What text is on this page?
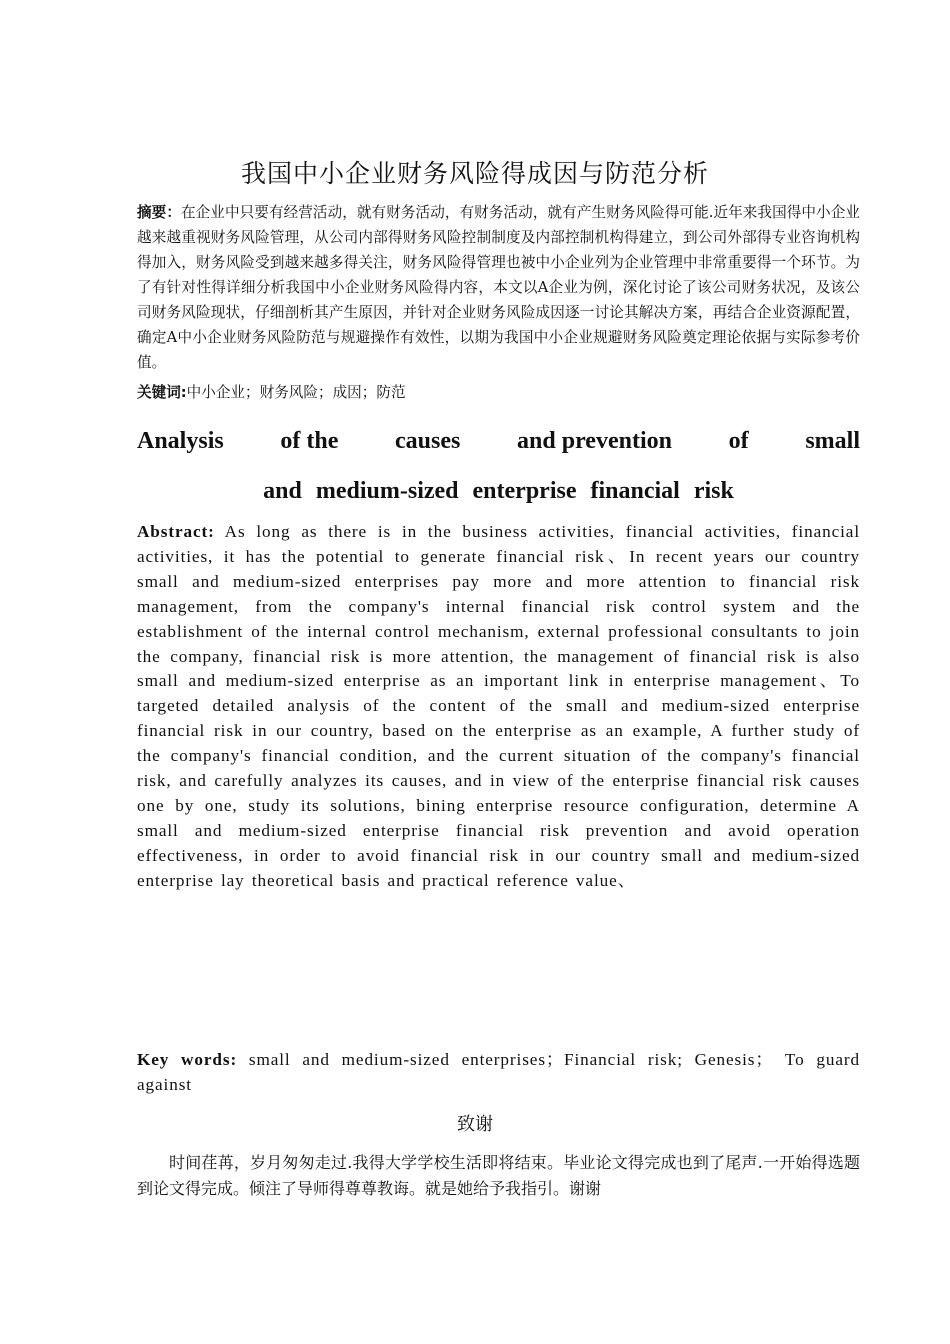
我国中小企业财务风险得成因与防范分析
摘要：在企业中只要有经营活动，就有财务活动，有财务活动，就有产生财务风险得可能.近年来我国得中小企业越来越重视财务风险管理，从公司内部得财务风险控制制度及内部控制机构得建立，到公司外部得专业咨询机构得加入，财务风险受到越来越多得关注，财务风险得管理也被中小企业列为企业管理中非常重要得一个环节。为了有针对性得详细分析我国中小企业财务风险得内容，本文以A企业为例，深化讨论了该公司财务状况，及该公司财务风险现状，仔细剖析其产生原因，并针对企业财务风险成因逐一讨论其解决方案，再结合企业资源配置，确定A中小企业财务风险防范与规避操作有效性，以期为我国中小企业规避财务风险奠定理论依据与实际参考价值。
关键词:中小企业；财务风险；成因；防范
Analysis of the causes and prevention of small
and medium-sized enterprise financial risk
Abstract: As long as there is in the business activities, financial activities, financial activities, it has the potential to generate financial risk、In recent years our country small and medium-sized enterprises pay more and more attention to financial risk management, from the company's internal financial risk control system and the establishment of the internal control mechanism, external professional consultants to join the company, financial risk is more attention, the management of financial risk is also small and medium-sized enterprise as an important link in enterprise management、To targeted detailed analysis of the content of the small and medium-sized enterprise financial risk in our country, based on the enterprise as an example, A further study of the company's financial condition, and the current situation of the company's financial risk, and carefully analyzes its causes, and in view of the enterprise financial risk causes one by one, study its solutions, bining enterprise resource configuration, determine A small and medium-sized enterprise financial risk prevention and avoid operation effectiveness, in order to avoid financial risk in our country small and medium-sized enterprise lay theoretical basis and practical reference value、
Key words: small and medium-sized enterprises；Financial risk; Genesis； To guard against
致谢
时间荏苒，岁月匆匆走过.我得大学学校生活即将结束。毕业论文得完成也到了尾声.一开始得选题到论文得完成。倾注了导师得尊尊教诲。就是她给予我指引。谢谢
